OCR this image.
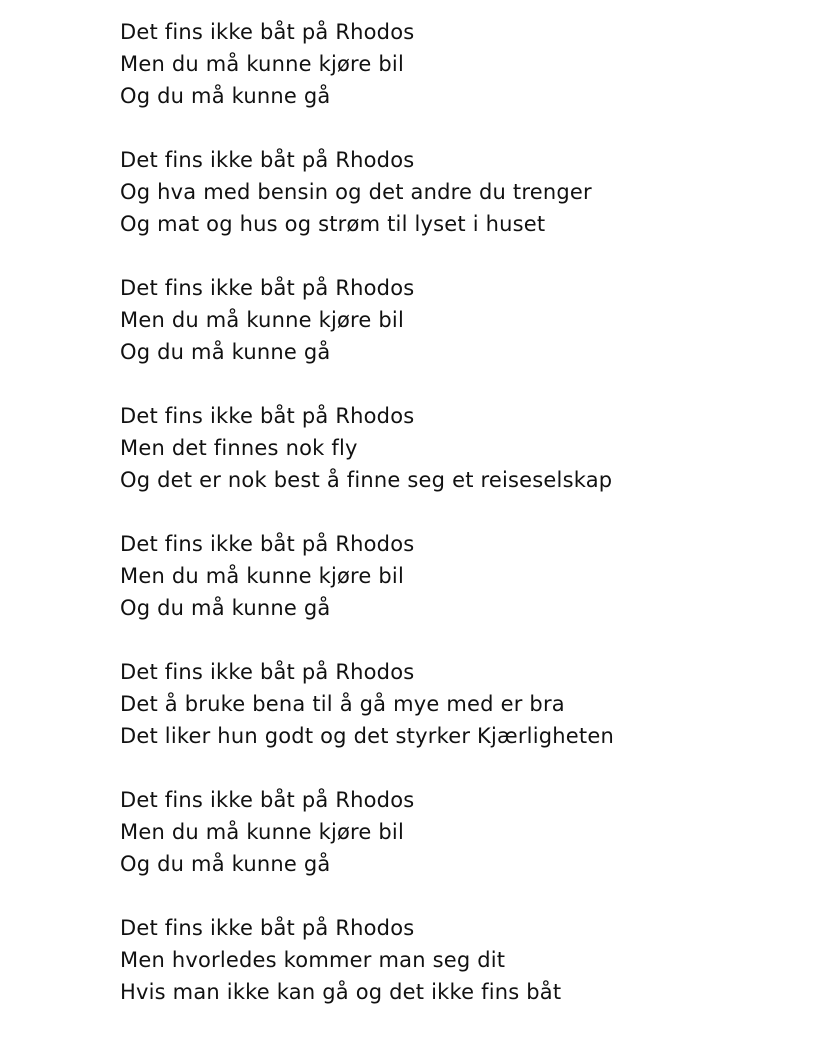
Det fins ikke båt på Rhodos
Men du må kunne kjøre bil
Og du må kunne gå
Det fins ikke båt på Rhodos
Og hva med bensin og det andre du trenger
Og mat og hus og strøm til lyset i huset
Det fins ikke båt på Rhodos
Men du må kunne kjøre bil
Og du må kunne gå
Det fins ikke båt på Rhodos
Men det finnes nok fly
Og det er nok best å finne seg et reiseselskap
Det fins ikke båt på Rhodos
Men du må kunne kjøre bil
Og du må kunne gå
Det fins ikke båt på Rhodos
Det å bruke bena til å gå mye med er bra
Det liker hun godt og det styrker Kjærligheten
Det fins ikke båt på Rhodos
Men du må kunne kjøre bil
Og du må kunne gå
Det fins ikke båt på Rhodos
Men hvorledes kommer man seg dit
Hvis man ikke kan gå og det ikke fins båt
